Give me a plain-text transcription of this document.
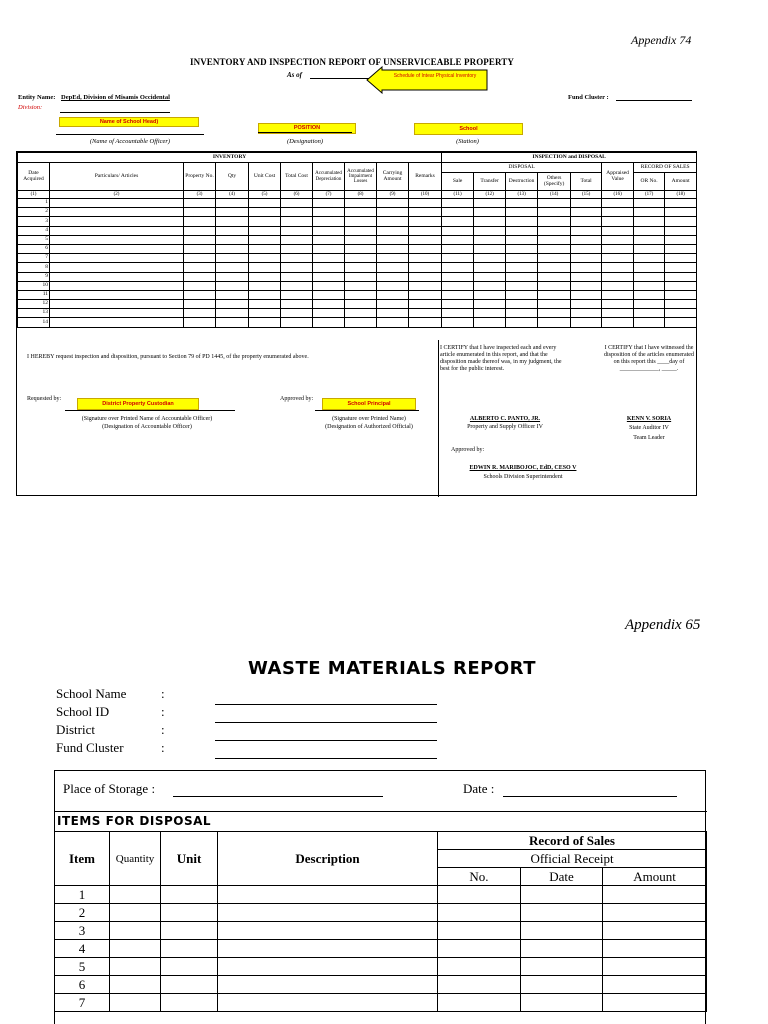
Appendix 74
INVENTORY AND INSPECTION REPORT OF UNSERVICEABLE PROPERTY
As of	Schedule of Intear Physical Inventory
Entity Name: DepEd, Division of Misamis Occidental
Division:
Fund Cluster :
Name of School Head)
POSITION	School
(Name of Accountable Officer)	(Designation)	(Station)
INVENTORY										INSPECTION and DISPOSAL							
Date Acquired	Particulars/ Articles	Property No.	Qty	Unit Cost	Total Cost	Accumulated Depreciation	Accumulated Impairment Losses	Carrying Amount	Remarks	DISPOSAL					Appraised Value	RECORD OF SALES	
										Sale	Transfer	Destruction	Others (Specify)	Total		OR No.	Amount
(1)	(2)	(3)	(4)	(5)	(6)	(7)	(8)	(9)	(10)	(11)	(12)	(13)	(14)	(15)	(16)	(17)	(18)
1																	
2																	
3																	
4																	
5																	
6																	
7																	
8																	
9																	
10																	
11																	
12																	
13																	
14																	
I HEREBY request inspection and disposition, pursuant to Section 79 of PD 1445, of the property enumerated above.
I CERTIFY that I have inspected each and every article enumerated in this report, and that the disposition made thereof was, in my judgment, the best for the public interest.
I CERTIFY that I have witnessed the disposition of the articles enumerated on this report this ____day of _____________, _____.
Requested by:
District Property Custodian
Approved by:
School Principal
(Signature over Printed Name of Accountable Officer)
(Designation of Accountable Officer)
(Signature over Printed Name)
(Designation of Authorized Official)
ALBERTO C. PANTO, JR.
Property and Supply Officer IV
KENN V. SORIA
State Auditor IV
Team Leader
Approved by:
EDWIN R. MARIBOJOC, EdD, CESO V
Schools Division Superintendent
Appendix 65
WASTE MATERIALS REPORT
School Name	:
School ID	:
District	:
Fund Cluster	:
Place of Storage :	Date :
ITEMS FOR DISPOSAL
Item	Quantity	Unit	Description	Record of Sales		
				Official Receipt		
				No.	Date	Amount
1						
2						
3						
4						
5						
6						
7						
